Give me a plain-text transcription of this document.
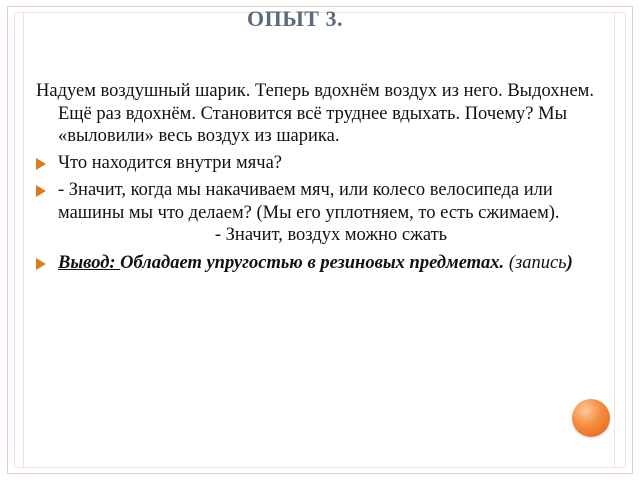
ОПЫТ 3.

Надуем воздушный шарик. Теперь вдохнём воздух из него. Выдохнем. Ещё раз вдохнём. Становится всё труднее вдыхать. Почему? Мы «выловили» весь воздух из шарика.

Что находится внутри мяча?
- Значит, когда мы накачиваем мяч, или колесо велосипеда или машины мы что делаем? (Мы его уплотняем, то есть сжимаем).
- Значит, воздух можно сжать
Вывод: Обладает упругостью в резиновых предметах. (запись)
